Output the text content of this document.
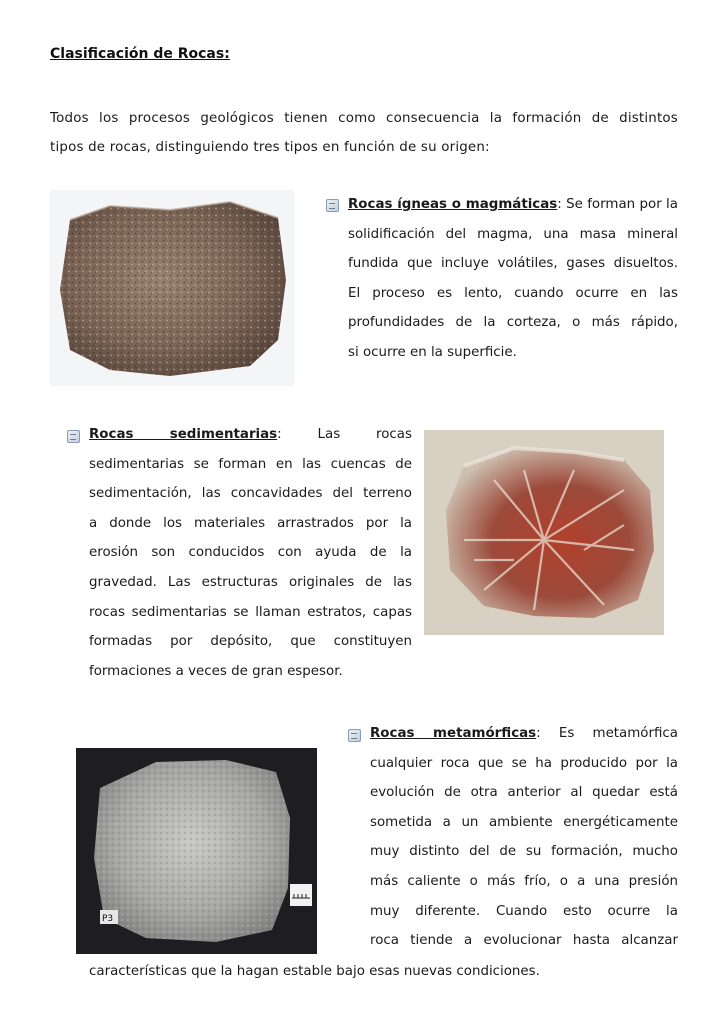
Clasificación de Rocas:
Todos los procesos geológicos tienen como consecuencia la formación de distintos
tipos de rocas, distinguiendo tres tipos en función de su origen:
Rocas ígneas o magmáticas: Se forman por la
solidificación del magma, una masa mineral
fundida que incluye volátiles, gases disueltos.
El proceso es lento, cuando ocurre en las
profundidades de la corteza, o más rápido,
si ocurre en la superficie.
Rocas sedimentarias: Las rocas
sedimentarias se forman en las cuencas de
sedimentación, las concavidades del terreno
a donde los materiales arrastrados por la
erosión son conducidos con ayuda de la
gravedad. Las estructuras originales de las
rocas sedimentarias se llaman estratos, capas
formadas por depósito, que constituyen
formaciones a veces de gran espesor.
Rocas metamórficas: Es metamórfica
cualquier roca que se ha producido por la
evolución de otra anterior al quedar está
sometida a un ambiente energéticamente
muy distinto del de su formación, mucho
más caliente o más frío, o a una presión
muy diferente. Cuando esto ocurre la
roca tiende a evolucionar hasta alcanzar
características que la hagan estable bajo esas nuevas condiciones.
P3
